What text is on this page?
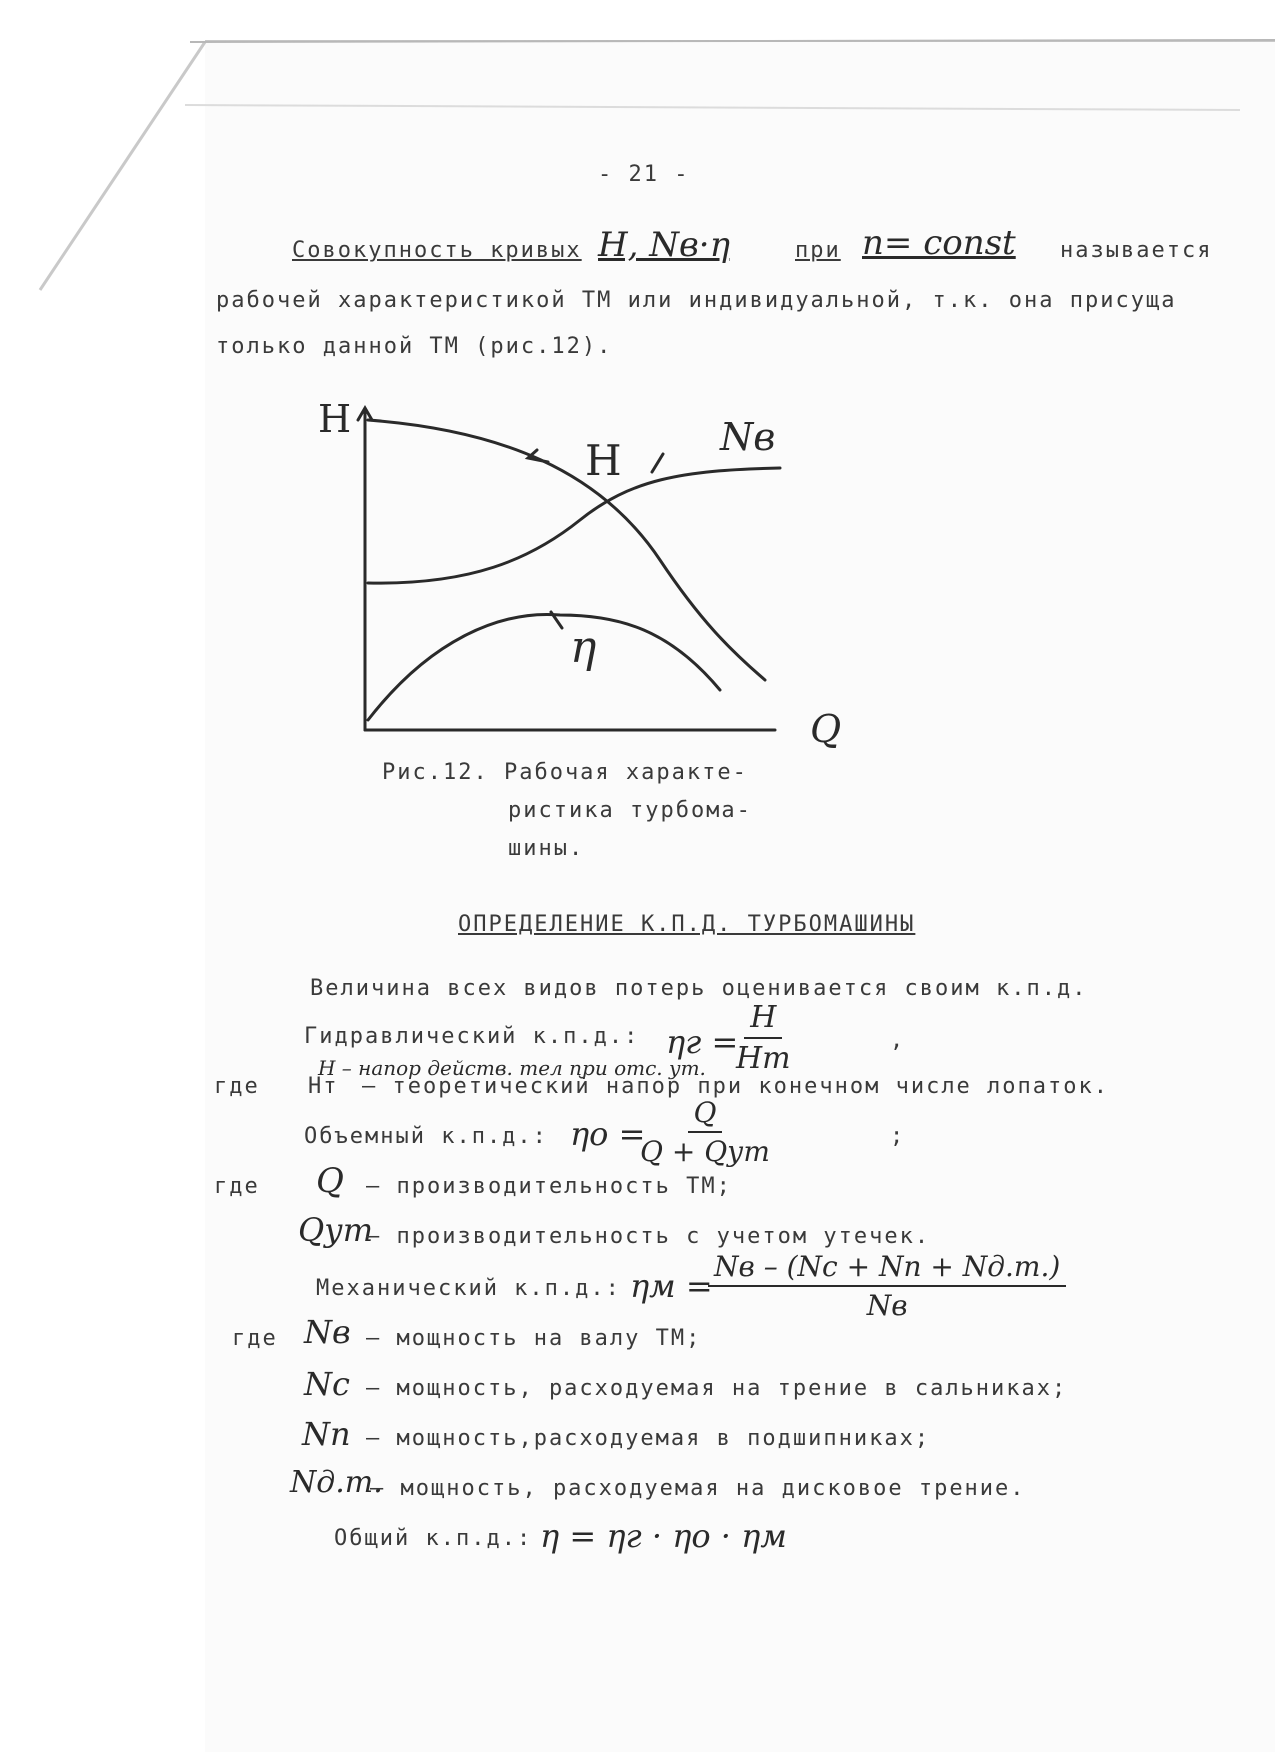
- 21 -
Совокупность кривых H, Nв·η	при n= const называется
рабочей характеристикой ТМ или индивидуальной, т.к. она присуща
только данной ТМ (рис.12).
H
Q
H	Nв
η
Рис.12. Рабочая характе-
ристика турбома-
шины.
ОПРЕДЕЛЕНИЕ К.П.Д. ТУРБОМАШИНЫ
Величина всех видов потерь оценивается своим к.п.д.
Гидравлический к.п.д.: ηг =
H
Hт
,
H – напор действ. тел при отс. ут.
где Hт – теоретический напор при конечном числе лопаток.
Объемный к.п.д.: ηо =
Q
Q + Qут	;
где Q – производительность ТМ;
Qут
– производительность с учетом утечек.
Механический к.п.д.: ηм =
Nв – (Nс + Nп + Nд.т.)
Nв
где Nв – мощность на валу ТМ;
Nс – мощность, расходуемая на трение в сальниках;
Nп – мощность,расходуемая в подшипниках;
Nд.т.
– мощность, расходуемая на дисковое трение.
Общий к.п.д.: η = ηг · ηо · ηм
